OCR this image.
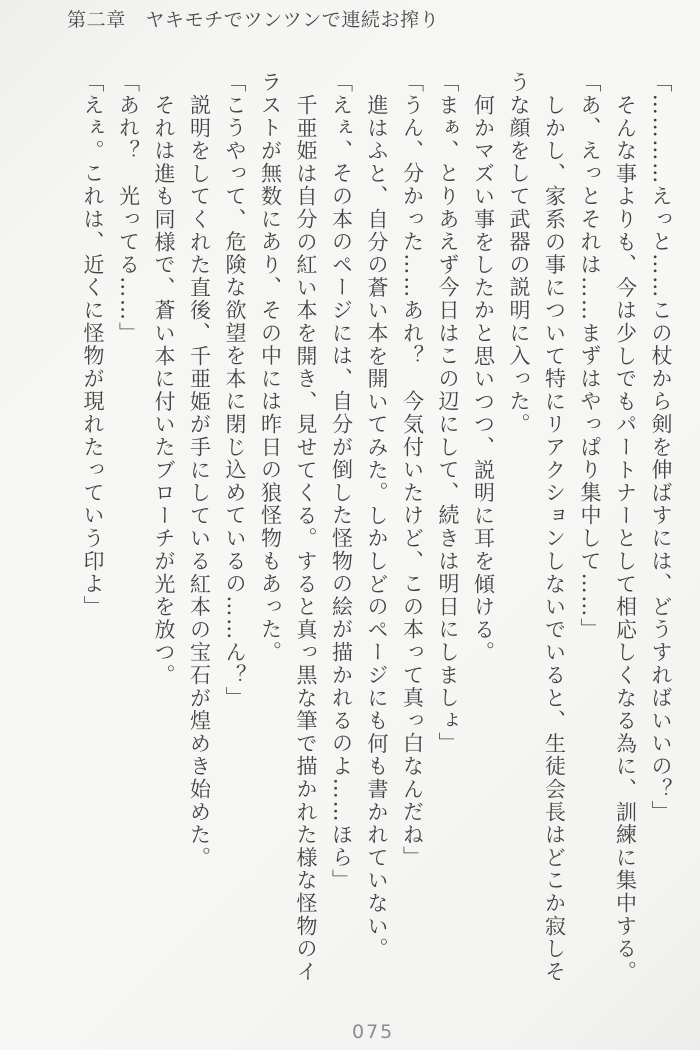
第二章　ヤキモチでツンツンで連続お搾り

「…………えっと……この杖から剣を伸ばすには、どうすればいいの？」

そんな事よりも、今は少しでもパートナーとして相応しくなる為に、訓練に集中する。

「あ、えっとそれは……まずはやっぱり集中して……」

しかし、家系の事について特にリアクションしないでいると、生徒会長はどこか寂しそうな顔をして武器の説明に入った。

何かマズい事をしたかと思いつつ、説明に耳を傾ける。

「まぁ、とりあえず今日はこの辺にして、続きは明日にしましょ」

「うん、分かった……あれ？　今気付いたけど、この本って真っ白なんだね」

進はふと、自分の蒼い本を開いてみた。しかしどのページにも何も書かれていない。

「えぇ、その本のページには、自分が倒した怪物の絵が描かれるのよ……ほら」

千亜姫は自分の紅い本を開き、見せてくる。すると真っ黒な筆で描かれた様な怪物のイラストが無数にあり、その中には昨日の狼怪物もあった。

「こうやって、危険な欲望を本に閉じ込めているの……ん？」

説明をしてくれた直後、千亜姫が手にしている紅本の宝石が煌めき始めた。

それは進も同様で、蒼い本に付いたブローチが光を放つ。

「あれ？　光ってる……」

「えぇ。これは、近くに怪物が現れたっていう印よ」

075
